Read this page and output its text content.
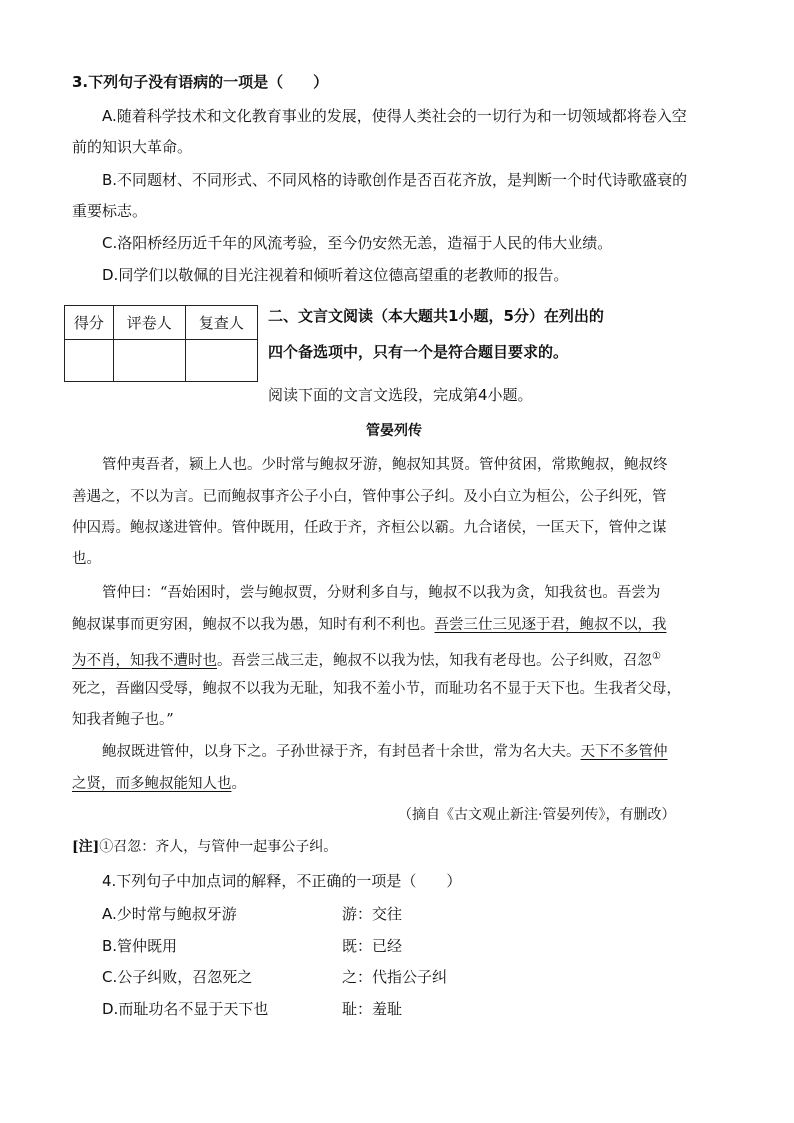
3.下列句子没有语病的一项是（　　）
A.随着科学技术和文化教育事业的发展，使得人类社会的一切行为和一切领域都将卷入空
前的知识大革命。
B.不同题材、不同形式、不同风格的诗歌创作是否百花齐放，是判断一个时代诗歌盛衰的
重要标志。
C.洛阳桥经历近千年的风流考验，至今仍安然无恙，造福于人民的伟大业绩。
D.同学们以敬佩的目光注视着和倾听着这位德高望重的老教师的报告。
得分	评卷人	复查人
		二、文言文阅读（本大题共1小题，5分）在列出的
四个备选项中，只有一个是符合题目要求的。
阅读下面的文言文选段，完成第4小题。
管晏列传
管仲夷吾者，颍上人也。少时常与鲍叔牙游，鲍叔知其贤。管仲贫困，常欺鲍叔，鲍叔终
善遇之，不以为言。已而鲍叔事齐公子小白，管仲事公子纠。及小白立为桓公，公子纠死，管
仲囚焉。鲍叔遂进管仲。管仲既用，任政于齐，齐桓公以霸。九合诸侯，一匡天下，管仲之谋
也。
管仲曰：“吾始困时，尝与鲍叔贾，分财利多自与，鲍叔不以我为贪，知我贫也。吾尝为
鲍叔谋事而更穷困，鲍叔不以我为愚，知时有利不利也。吾尝三仕三见逐于君，鲍叔不以，我
为不肖，知我不遭时也。吾尝三战三走，鲍叔不以我为怯，知我有老母也。公子纠败，召忽①
死之，吾幽囚受辱，鲍叔不以我为无耻，知我不羞小节，而耻功名不显于天下也。生我者父母，
知我者鲍子也。”
鲍叔既进管仲，以身下之。子孙世禄于齐，有封邑者十余世，常为名大夫。天下不多管仲
之贤，而多鲍叔能知人也。
（摘自《古文观止新注·管晏列传》，有删改）
[注]①召忽：齐人，与管仲一起事公子纠。
4.下列句子中加点词的解释，不正确的一项是（　　）
A.少时常与鲍叔牙游	游：交往
B.管仲既用	既：已经
C.公子纠败，召忽死之	之：代指公子纠
D.而耻功名不显于天下也	耻：羞耻
